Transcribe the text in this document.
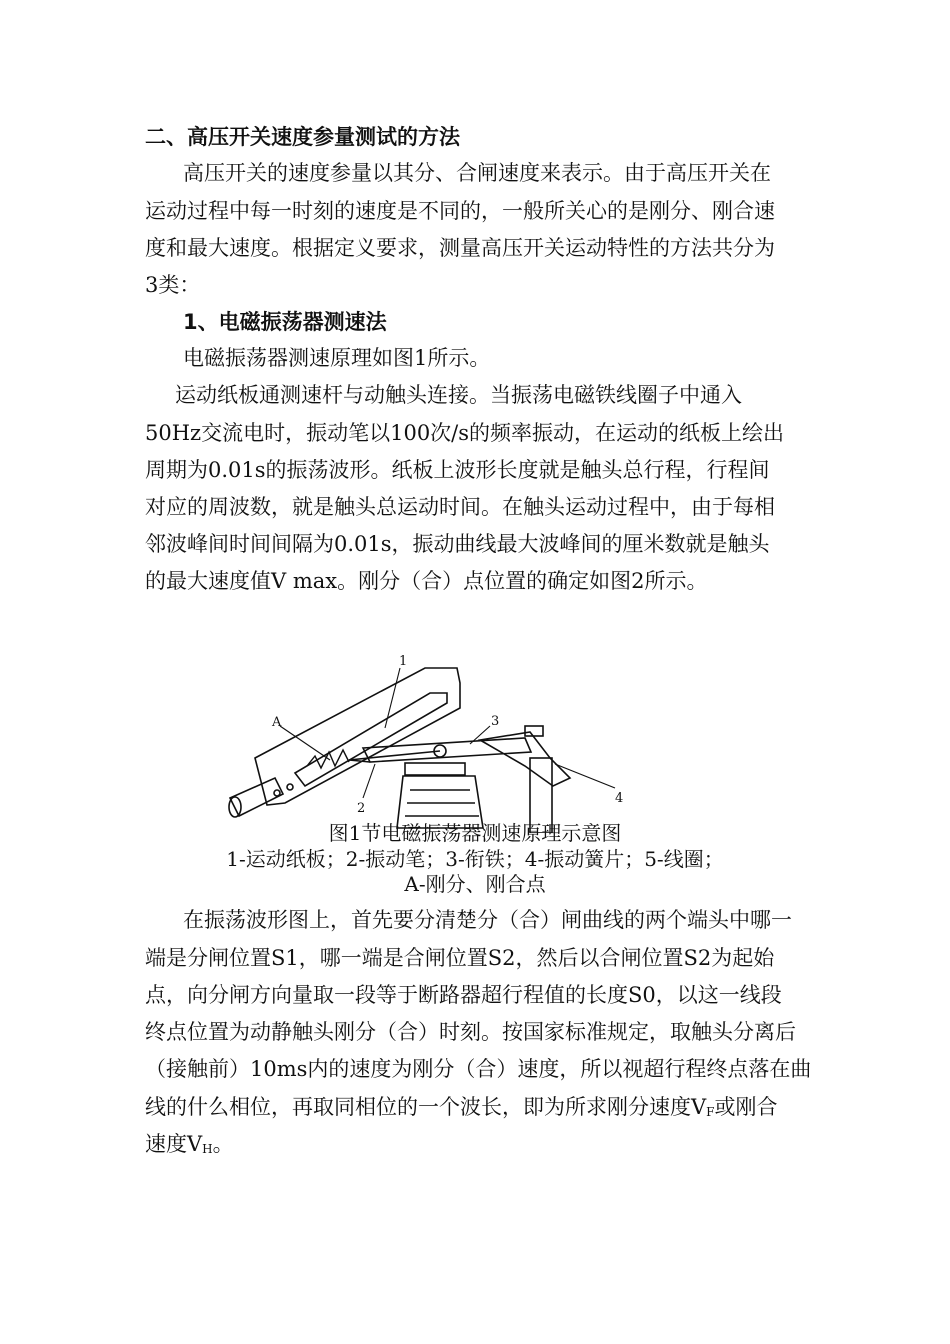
二、高压开关速度参量测试的方法
高压开关的速度参量以其分、合闸速度来表示。由于高压开关在
运动过程中每一时刻的速度是不同的，一般所关心的是刚分、刚合速
度和最大速度。根据定义要求，测量高压开关运动特性的方法共分为
3类：
1、电磁振荡器测速法
电磁振荡器测速原理如图1所示。
运动纸板通测速杆与动触头连接。当振荡电磁铁线圈子中通入
50Hz交流电时，振动笔以100次/s的频率振动，在运动的纸板上绘出
周期为0.01s的振荡波形。纸板上波形长度就是触头总行程，行程间
对应的周波数，就是触头总运动时间。在触头运动过程中，由于每相
邻波峰间时间间隔为0.01s，振动曲线最大波峰间的厘米数就是触头
的最大速度值V max。刚分（合）点位置的确定如图2所示。
1
A	3
4
2
图1节电磁振荡器测速原理示意图
1-运动纸板；2-振动笔；3-衔铁；4-振动簧片；5-线圈；
A-刚分、刚合点
在振荡波形图上，首先要分清楚分（合）闸曲线的两个端头中哪一
端是分闸位置S1，哪一端是合闸位置S2，然后以合闸位置S2为起始
点，向分闸方向量取一段等于断路器超行程值的长度S0，以这一线段
终点位置为动静触头刚分（合）时刻。按国家标准规定，取触头分离后
（接触前）10ms内的速度为刚分（合）速度，所以视超行程终点落在曲
线的什么相位，再取同相位的一个波长，即为所求刚分速度$V_F$或刚合
速度$V_H$。
